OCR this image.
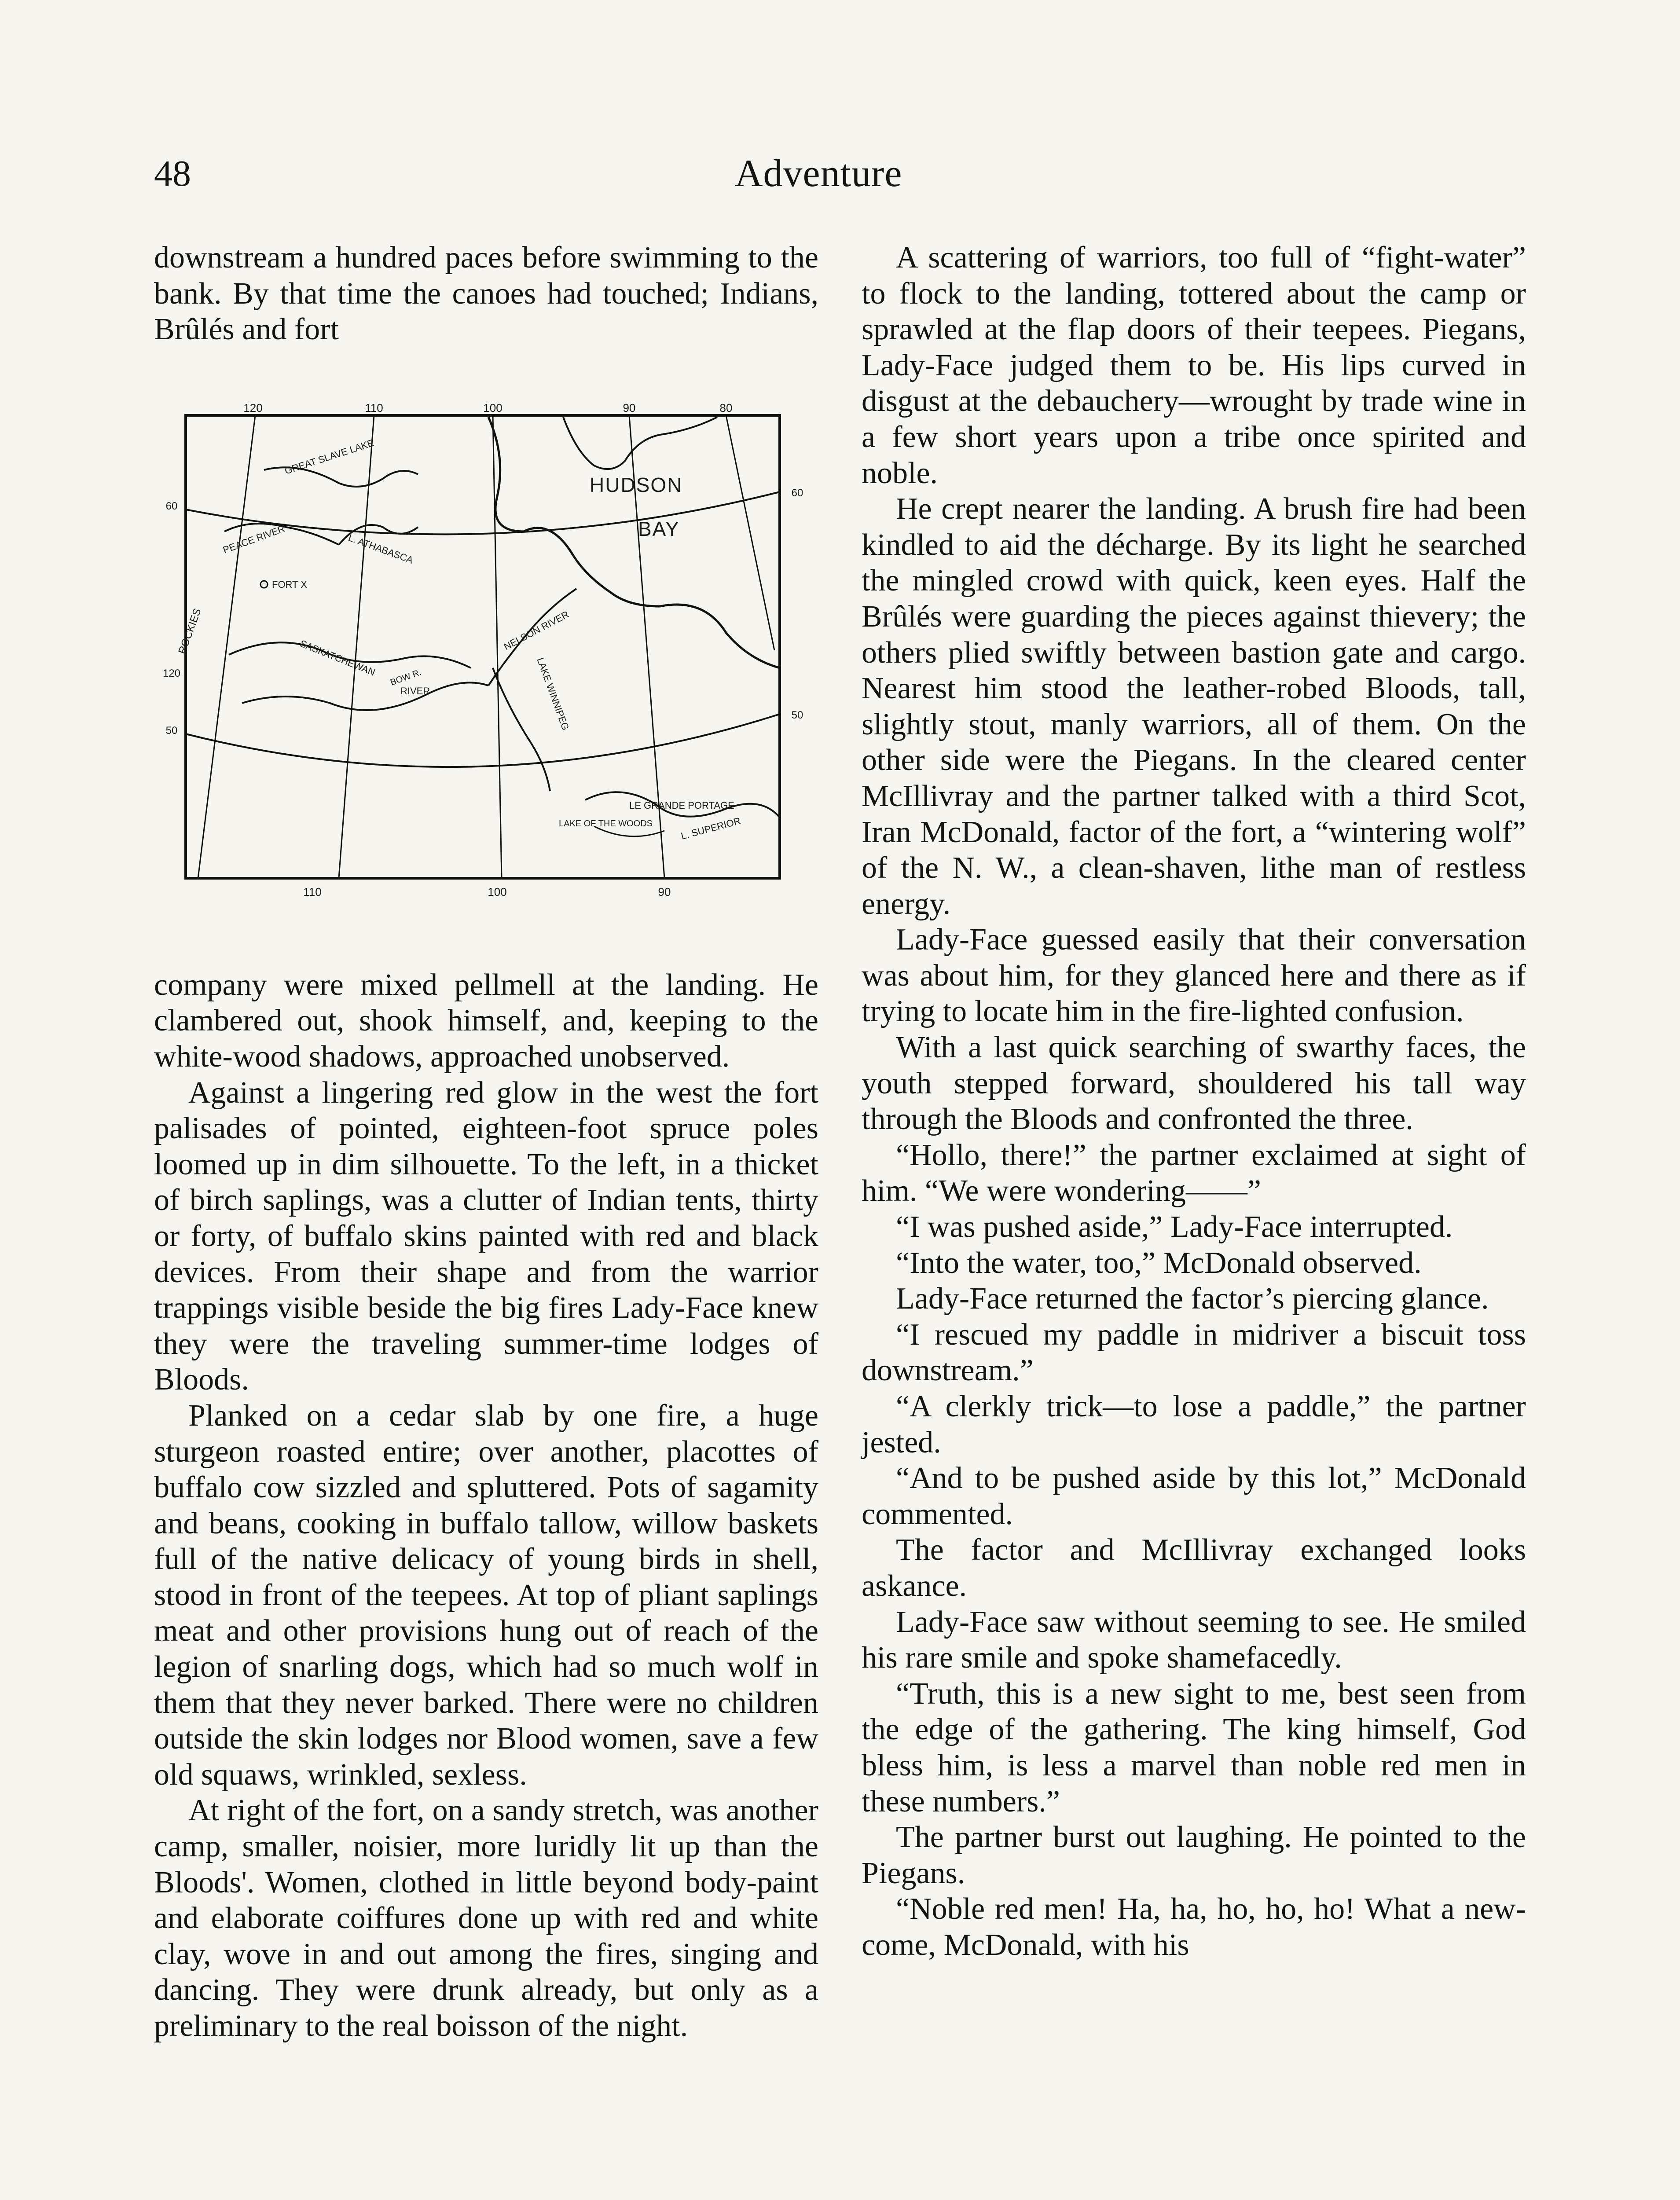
48	Adventure

downstream a hundred paces before swimming to the bank. By that time the canoes had touched; Indians, Brûlés and fort

120	110	100	90	80
110	100	90
60
50
120
60
50
HUDSON
BAY
GREAT SLAVE LAKE
PEACE RIVER	L. ATHABASCA
FORT X
SASKATCHEWAN
RIVER
ROCKIES	NELSON RIVER
LAKE WINNIPEG
LAKE OF THE WOODS
LE GRANDE PORTAGE
L. SUPERIOR
BOW R.

company were mixed pellmell at the landing. He clambered out, shook himself, and, keeping to the white-wood shadows, approached unobserved.

Against a lingering red glow in the west the fort palisades of pointed, eighteen-foot spruce poles loomed up in dim silhouette. To the left, in a thicket of birch saplings, was a clutter of Indian tents, thirty or forty, of buffalo skins painted with red and black devices. From their shape and from the warrior trappings visible beside the big fires Lady-Face knew they were the traveling summer-time lodges of Bloods.

Planked on a cedar slab by one fire, a huge sturgeon roasted entire; over another, placottes of buffalo cow sizzled and spluttered. Pots of sagamity and beans, cooking in buffalo tallow, willow baskets full of the native delicacy of young birds in shell, stood in front of the teepees. At top of pliant saplings meat and other provisions hung out of reach of the legion of snarling dogs, which had so much wolf in them that they never barked. There were no children outside the skin lodges nor Blood women, save a few old squaws, wrinkled, sexless.

At right of the fort, on a sandy stretch, was another camp, smaller, noisier, more luridly lit up than the Bloods'. Women, clothed in little beyond body-paint and elaborate coiffures done up with red and white clay, wove in and out among the fires, singing and dancing. They were drunk already, but only as a preliminary to the real boisson of the night.

A scattering of warriors, too full of “fight-water” to flock to the landing, tottered about the camp or sprawled at the flap doors of their teepees. Piegans, Lady-Face judged them to be. His lips curved in disgust at the debauchery—wrought by trade wine in a few short years upon a tribe once spirited and noble.

He crept nearer the landing. A brush fire had been kindled to aid the décharge. By its light he searched the mingled crowd with quick, keen eyes. Half the Brûlés were guarding the pieces against thievery; the others plied swiftly between bastion gate and cargo. Nearest him stood the leather-robed Bloods, tall, slightly stout, manly warriors, all of them. On the other side were the Piegans. In the cleared center McIllivray and the partner talked with a third Scot, Iran McDonald, factor of the fort, a “wintering wolf” of the N. W., a clean-shaven, lithe man of restless energy.

Lady-Face guessed easily that their conversation was about him, for they glanced here and there as if trying to locate him in the fire-lighted confusion.

With a last quick searching of swarthy faces, the youth stepped forward, shouldered his tall way through the Bloods and confronted the three.

“Hollo, there!” the partner exclaimed at sight of him. “We were wondering——”

“I was pushed aside,” Lady-Face interrupted.

“Into the water, too,” McDonald observed.

Lady-Face returned the factor’s piercing glance.

“I rescued my paddle in midriver a biscuit toss downstream.”

“A clerkly trick—to lose a paddle,” the partner jested.

“And to be pushed aside by this lot,” McDonald commented.

The factor and McIllivray exchanged looks askance.

Lady-Face saw without seeming to see. He smiled his rare smile and spoke shamefacedly.

“Truth, this is a new sight to me, best seen from the edge of the gathering. The king himself, God bless him, is less a marvel than noble red men in these numbers.”

The partner burst out laughing. He pointed to the Piegans.

“Noble red men! Ha, ha, ho, ho, ho! What a new-come, McDonald, with his
